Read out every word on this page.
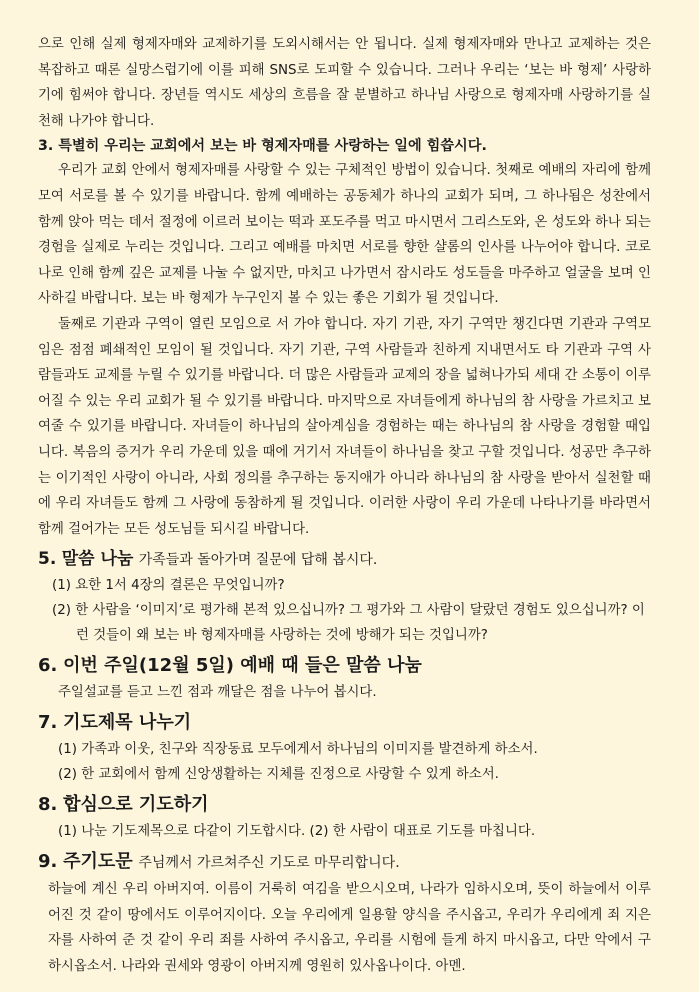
으로 인해 실제 형제자매와 교제하기를 도외시해서는 안 됩니다. 실제 형제자매와 만나고 교제하는 것은 복잡하고 때론 실망스럽기에 이를 피해 SNS로 도피할 수 있습니다. 그러나 우리는 ‘보는 바 형제’ 사랑하기에 힘써야 합니다. 장년들 역시도 세상의 흐름을 잘 분별하고 하나님 사랑으로 형제자매 사랑하기를 실천해 나가야 합니다.

3. 특별히 우리는 교회에서 보는 바 형제자매를 사랑하는 일에 힘씁시다.

우리가 교회 안에서 형제자매를 사랑할 수 있는 구체적인 방법이 있습니다. 첫째로 예배의 자리에 함께 모여 서로를 볼 수 있기를 바랍니다. 함께 예배하는 공동체가 하나의 교회가 되며, 그 하나됨은 성찬에서 함께 앉아 먹는 데서 절정에 이르러 보이는 떡과 포도주를 먹고 마시면서 그리스도와, 온 성도와 하나 되는 경험을 실제로 누리는 것입니다. 그리고 예배를 마치면 서로를 향한 샬롬의 인사를 나누어야 합니다. 코로나로 인해 함께 깊은 교제를 나눌 수 없지만, 마치고 나가면서 잠시라도 성도들을 마주하고 얼굴을 보며 인사하길 바랍니다. 보는 바 형제가 누구인지 볼 수 있는 좋은 기회가 될 것입니다.

둘째로 기관과 구역이 열린 모임으로 서 가야 합니다. 자기 기관, 자기 구역만 챙긴다면 기관과 구역모임은 점점 폐쇄적인 모임이 될 것입니다. 자기 기관, 구역 사람들과 친하게 지내면서도 타 기관과 구역 사람들과도 교제를 누릴 수 있기를 바랍니다. 더 많은 사람들과 교제의 장을 넓혀나가되 세대 간 소통이 이루어질 수 있는 우리 교회가 될 수 있기를 바랍니다. 마지막으로 자녀들에게 하나님의 참 사랑을 가르치고 보여줄 수 있기를 바랍니다. 자녀들이 하나님의 살아계심을 경험하는 때는 하나님의 참 사랑을 경험할 때입니다. 복음의 증거가 우리 가운데 있을 때에 거기서 자녀들이 하나님을 찾고 구할 것입니다. 성공만 추구하는 이기적인 사랑이 아니라, 사회 정의를 추구하는 동지애가 아니라 하나님의 참 사랑을 받아서 실천할 때에 우리 자녀들도 함께 그 사랑에 동참하게 될 것입니다. 이러한 사랑이 우리 가운데 나타나기를 바라면서 함께 걸어가는 모든 성도님들 되시길 바랍니다.

5. 말씀 나눔 가족들과 돌아가며 질문에 답해 봅시다.

(1) 요한 1서 4장의 결론은 무엇입니까?

(2) 한 사람을 ‘이미지’로 평가해 본적 있으십니까? 그 평가와 그 사람이 달랐던 경험도 있으십니까? 이런 것들이 왜 보는 바 형제자매를 사랑하는 것에 방해가 되는 것입니까?

6. 이번 주일(12월 5일) 예배 때 들은 말씀 나눔

주일설교를 듣고 느낀 점과 깨달은 점을 나누어 봅시다.

7. 기도제목 나누기

(1) 가족과 이웃, 친구와 직장동료 모두에게서 하나님의 이미지를 발견하게 하소서.

(2) 한 교회에서 함께 신앙생활하는 지체를 진정으로 사랑할 수 있게 하소서.

8. 합심으로 기도하기

(1) 나눈 기도제목으로 다같이 기도합시다. (2) 한 사람이 대표로 기도를 마칩니다.

9. 주기도문 주님께서 가르쳐주신 기도로 마무리합니다.

하늘에 계신 우리 아버지여. 이름이 거룩히 여김을 받으시오며, 나라가 임하시오며, 뜻이 하늘에서 이루어진 것 같이 땅에서도 이루어지이다. 오늘 우리에게 일용할 양식을 주시옵고, 우리가 우리에게 죄 지은 자를 사하여 준 것 같이 우리 죄를 사하여 주시옵고, 우리를 시험에 들게 하지 마시옵고, 다만 악에서 구하시옵소서. 나라와 권세와 영광이 아버지께 영원히 있사옵나이다. 아멘.
